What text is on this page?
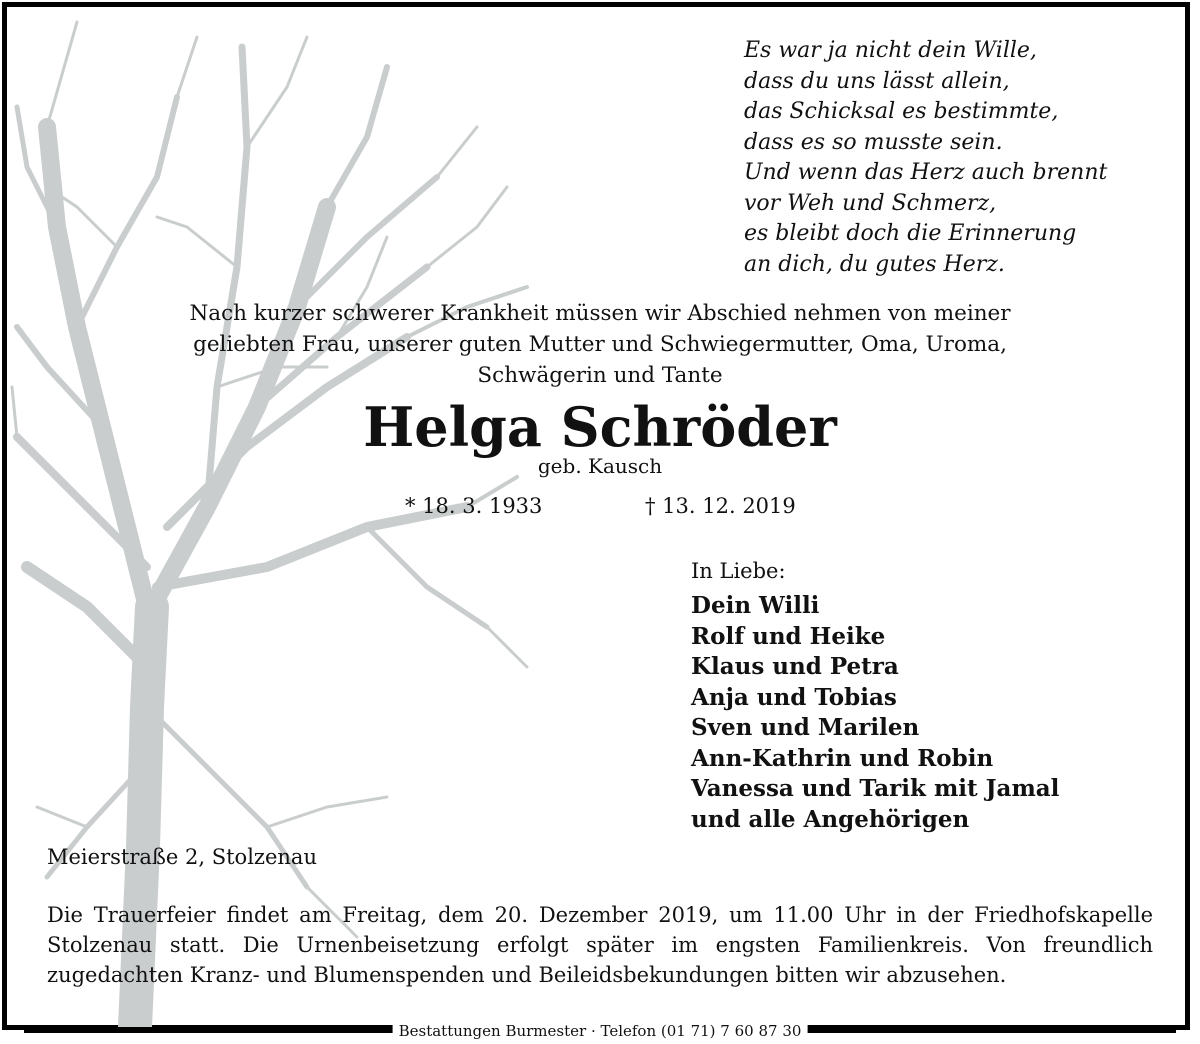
Es war ja nicht dein Wille,
dass du uns lässt allein,
das Schicksal es bestimmte,
dass es so musste sein.
Und wenn das Herz auch brennt
vor Weh und Schmerz,
es bleibt doch die Erinnerung
an dich, du gutes Herz.
Nach kurzer schwerer Krankheit müssen wir Abschied nehmen von meiner
geliebten Frau, unserer guten Mutter und Schwiegermutter, Oma, Uroma,
Schwägerin und Tante
Helga Schröder
geb. Kausch
* 18. 3. 1933	† 13. 12. 2019
In Liebe:
Dein Willi
Rolf und Heike
Klaus und Petra
Anja und Tobias
Sven und Marilen
Ann-Kathrin und Robin
Vanessa und Tarik mit Jamal
und alle Angehörigen
Meierstraße 2, Stolzenau
Die Trauerfeier findet am Freitag, dem 20. Dezember 2019, um 11.00 Uhr in der Friedhofskapelle Stolzenau statt. Die Urnenbeisetzung erfolgt später im engsten Familienkreis. Von freundlich zugedachten Kranz- und Blumenspenden und Beileidsbekundungen bitten wir abzusehen.
Bestattungen Burmester · Telefon (01 71) 7 60 87 30
